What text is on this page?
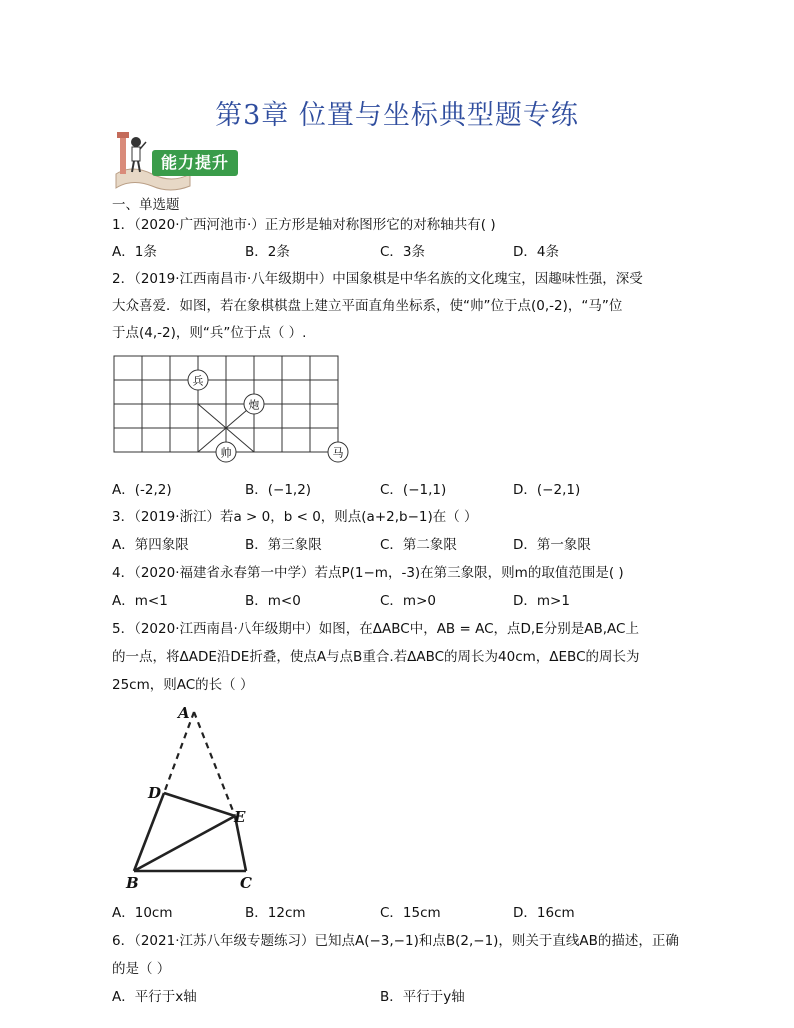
第3章 位置与坐标典型题专练
能力提升
一、单选题
1．（2020·广西河池市·）正方形是轴对称图形它的对称轴共有( )
A．1条	B．2条	C．3条	D．4条
2．（2019·江西南昌市·八年级期中）中国象棋是中华名族的文化瑰宝，因趣味性强，深受
大众喜爱．如图，若在象棋棋盘上建立平面直角坐标系，使“帅”位于点(0,-2)，“马”位
于点(4,-2)，则“兵”位于点（ ）.
兵
炮
帅	马
A．(-2,2)	B．(−1,2)	C．(−1,1)	D．(−2,1)
3．（2019·浙江）若a > 0，b < 0，则点(a+2,b−1)在（ ）
A．第四象限	B．第三象限	C．第二象限	D．第一象限
4．（2020·福建省永春第一中学）若点P(1−m，-3)在第三象限，则m的取值范围是( )
A．m<1	B．m<0	C．m>0	D．m>1
5．（2020·江西南昌·八年级期中）如图，在ΔABC中，AB = AC，点D,E分别是AB,AC上
的一点，将ΔADE沿DE折叠，使点A与点B重合.若ΔABC的周长为40cm，ΔEBC的周长为
25cm，则AC的长（ ）
A
D
E
B	C
A．10cm	B．12cm	C．15cm	D．16cm
6．（2021·江苏八年级专题练习）已知点A(−3,−1)和点B(2,−1)，则关于直线AB的描述，正确
的是（ ）
A．平行于x轴	B．平行于y轴
